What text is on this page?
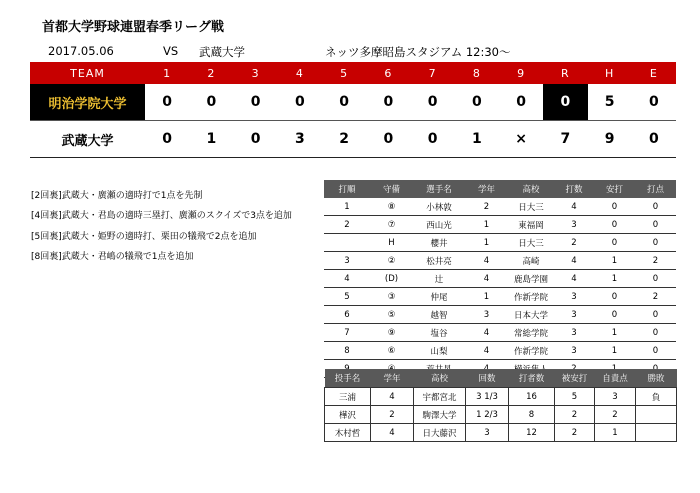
首都大学野球連盟春季リーグ戦
2017.05.06	VS 武蔵大学	ネッツ多摩昭島スタジアム 12:30〜
TEAM	1	2	3	4	5	6	7	8	9	R	H	E
明治学院大学	0	0	0	0	0	0	0	0	0	0	5	0
武蔵大学	0	1	0	3	2	0	0	1	×	7	9	0
[2回裏]武蔵大・廣瀬の適時打で1点を先制
[4回裏]武蔵大・君島の適時三塁打、廣瀬のスクイズで3点を追加
[5回裏]武蔵大・姫野の適時打、栗田の犠飛で2点を追加
[8回裏]武蔵大・君嶋の犠飛で1点を追加
打順	守備	選手名	学年	高校	打数	安打	打点
1	⑧	小林敦	2	日大三	4	0	0
2	⑦	西山光	1	東福岡	3	0	0
	H	櫻井	1	日大三	2	0	0
3	②	松井亮	4	高崎	4	1	2
4	(D)	辻	4	鹿島学園	4	1	0
5	③	仲尾	1	作新学院	3	0	2
6	⑤	越智	3	日本大学	3	0	0
7	⑨	塩谷	4	常総学院	3	1	0
8	⑥	山梨	4	作新学院	3	1	0

投手名	学年	高校	回数	打者数	被安打	自責点	勝敗
三浦	4	宇都宮北	3 1/3	16	5	3	負
樺沢	2	駒澤大学	1 2/3	8	2	2	
木村哲	4	日大藤沢	3	12	2	1	
